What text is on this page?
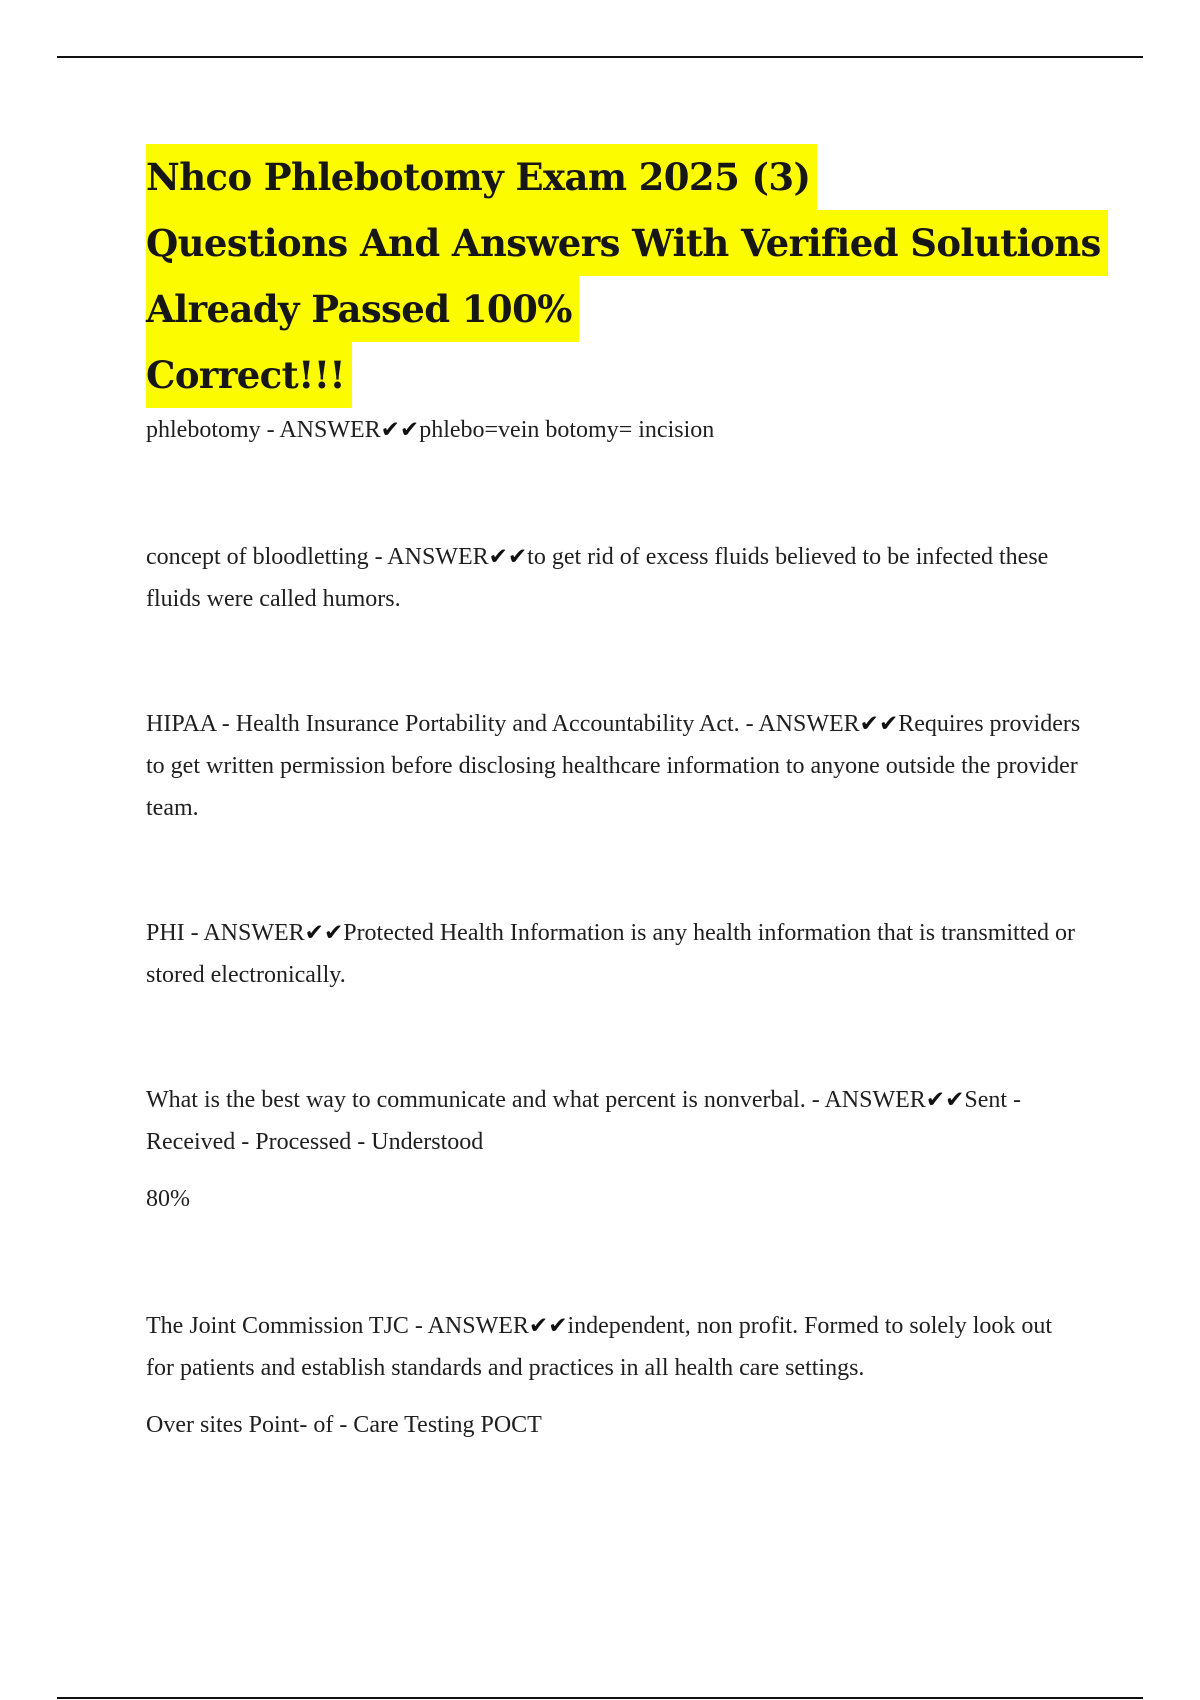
Nhco Phlebotomy Exam 2025 (3)
Questions And Answers With Verified Solutions
Already Passed 100%
Correct!!!

phlebotomy - ANSWER✔✔phlebo=vein botomy= incision

concept of bloodletting - ANSWER✔✔to get rid of excess fluids believed to be infected these fluids were called humors.

HIPAA - Health Insurance Portability and Accountability Act. - ANSWER✔✔Requires providers to get written permission before disclosing healthcare information to anyone outside the provider team.

PHI - ANSWER✔✔Protected Health Information is any health information that is transmitted or stored electronically.

What is the best way to communicate and what percent is nonverbal. - ANSWER✔✔Sent - Received - Processed - Understood

80%

The Joint Commission TJC - ANSWER✔✔independent, non profit. Formed to solely look out for patients and establish standards and practices in all health care settings.

Over sites Point- of - Care Testing POCT
